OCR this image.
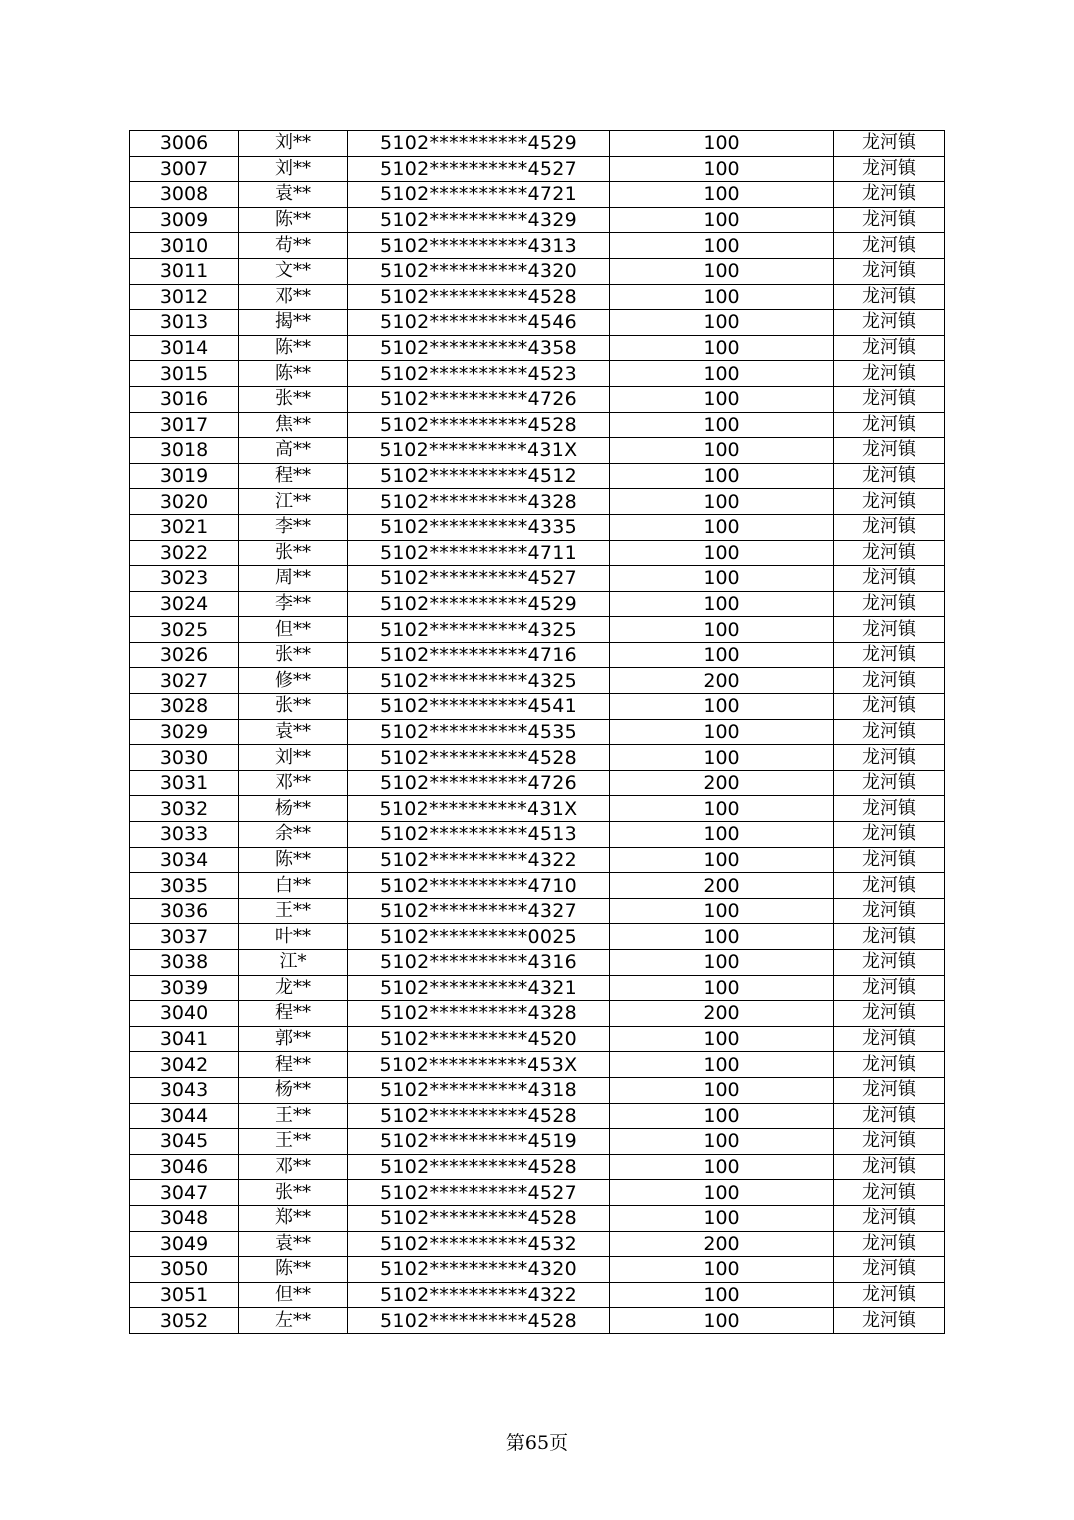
3006	刘**	5102**********4529	100	龙河镇
3007	刘**	5102**********4527	100	龙河镇
3008	袁**	5102**********4721	100	龙河镇
3009	陈**	5102**********4329	100	龙河镇
3010	苟**	5102**********4313	100	龙河镇
3011	文**	5102**********4320	100	龙河镇
3012	邓**	5102**********4528	100	龙河镇
3013	揭**	5102**********4546	100	龙河镇
3014	陈**	5102**********4358	100	龙河镇
3015	陈**	5102**********4523	100	龙河镇
3016	张**	5102**********4726	100	龙河镇
3017	焦**	5102**********4528	100	龙河镇
3018	高**	5102**********431X	100	龙河镇
3019	程**	5102**********4512	100	龙河镇
3020	江**	5102**********4328	100	龙河镇
3021	李**	5102**********4335	100	龙河镇
3022	张**	5102**********4711	100	龙河镇
3023	周**	5102**********4527	100	龙河镇
3024	李**	5102**********4529	100	龙河镇
3025	但**	5102**********4325	100	龙河镇
3026	张**	5102**********4716	100	龙河镇
3027	修**	5102**********4325	200	龙河镇
3028	张**	5102**********4541	100	龙河镇
3029	袁**	5102**********4535	100	龙河镇
3030	刘**	5102**********4528	100	龙河镇
3031	邓**	5102**********4726	200	龙河镇
3032	杨**	5102**********431X	100	龙河镇
3033	余**	5102**********4513	100	龙河镇
3034	陈**	5102**********4322	100	龙河镇
3035	白**	5102**********4710	200	龙河镇
3036	王**	5102**********4327	100	龙河镇
3037	叶**	5102**********0025	100	龙河镇
3038	江*	5102**********4316	100	龙河镇
3039	龙**	5102**********4321	100	龙河镇
3040	程**	5102**********4328	200	龙河镇
3041	郭**	5102**********4520	100	龙河镇
3042	程**	5102**********453X	100	龙河镇
3043	杨**	5102**********4318	100	龙河镇
3044	王**	5102**********4528	100	龙河镇
3045	王**	5102**********4519	100	龙河镇
3046	邓**	5102**********4528	100	龙河镇
3047	张**	5102**********4527	100	龙河镇
3048	郑**	5102**********4528	100	龙河镇
3049	袁**	5102**********4532	200	龙河镇
3050	陈**	5102**********4320	100	龙河镇
3051	但**	5102**********4322	100	龙河镇
3052	左**	5102**********4528	100	龙河镇
第65页
